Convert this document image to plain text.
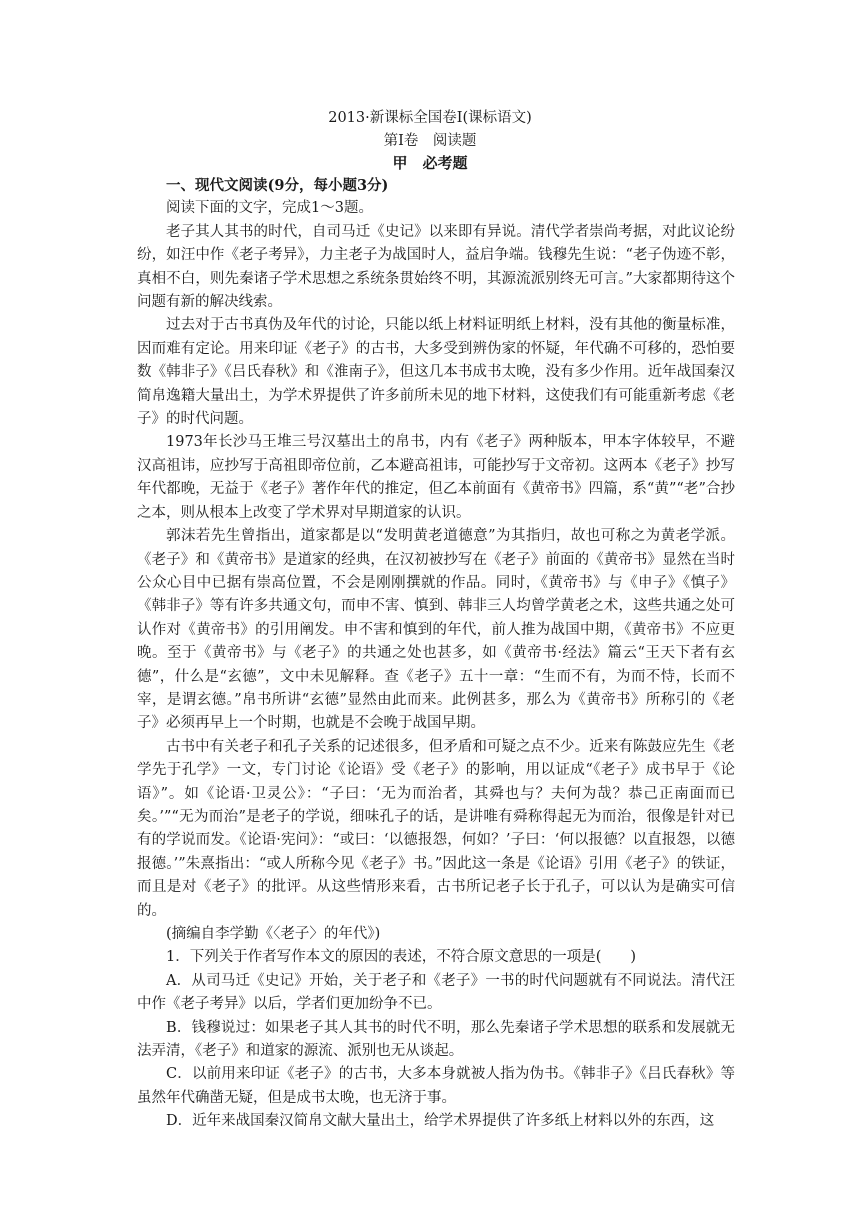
2013·新课标全国卷Ⅰ(课标语文)
第Ⅰ卷　阅读题
甲　必考题

一、现代文阅读(9分，每小题3分)

阅读下面的文字，完成1～3题。

老子其人其书的时代，自司马迁《史记》以来即有异说。清代学者崇尚考据，对此议论纷纷，如汪中作《老子考异》，力主老子为战国时人，益启争端。钱穆先生说：“老子伪迹不彰，真相不白，则先秦诸子学术思想之系统条贯始终不明，其源流派别终无可言。”大家都期待这个问题有新的解决线索。

过去对于古书真伪及年代的讨论，只能以纸上材料证明纸上材料，没有其他的衡量标准，因而难有定论。用来印证《老子》的古书，大多受到辨伪家的怀疑，年代确不可移的，恐怕要数《韩非子》《吕氏春秋》和《淮南子》，但这几本书成书太晚，没有多少作用。近年战国秦汉简帛逸籍大量出土，为学术界提供了许多前所未见的地下材料，这使我们有可能重新考虑《老子》的时代问题。

1973年长沙马王堆三号汉墓出土的帛书，内有《老子》两种版本，甲本字体较早，不避汉高祖讳，应抄写于高祖即帝位前，乙本避高祖讳，可能抄写于文帝初。这两本《老子》抄写年代都晚，无益于《老子》著作年代的推定，但乙本前面有《黄帝书》四篇，系“黄”“老”合抄之本，则从根本上改变了学术界对早期道家的认识。

郭沫若先生曾指出，道家都是以“发明黄老道德意”为其指归，故也可称之为黄老学派。《老子》和《黄帝书》是道家的经典，在汉初被抄写在《老子》前面的《黄帝书》显然在当时公众心目中已据有崇高位置，不会是刚刚撰就的作品。同时，《黄帝书》与《申子》《慎子》《韩非子》等有许多共通文句，而申不害、慎到、韩非三人均曾学黄老之术，这些共通之处可认作对《黄帝书》的引用阐发。申不害和慎到的年代，前人推为战国中期，《黄帝书》不应更晚。至于《黄帝书》与《老子》的共通之处也甚多，如《黄帝书·经法》篇云“王天下者有玄德”，什么是“玄德”，文中未见解释。查《老子》五十一章：“生而不有，为而不恃，长而不宰，是谓玄德。”帛书所讲“玄德”显然由此而来。此例甚多，那么为《黄帝书》所称引的《老子》必须再早上一个时期，也就是不会晚于战国早期。

古书中有关老子和孔子关系的记述很多，但矛盾和可疑之点不少。近来有陈鼓应先生《老学先于孔学》一文，专门讨论《论语》受《老子》的影响，用以证成“《老子》成书早于《论语》”。如《论语·卫灵公》：“子曰：‘无为而治者，其舜也与？夫何为哉？恭己正南面而已矣。’”“无为而治”是老子的学说，细味孔子的话，是讲唯有舜称得起无为而治，很像是针对已有的学说而发。《论语·宪问》：“或曰：‘以德报怨，何如？’子曰：‘何以报德？以直报怨，以德报德。’”朱熹指出：“或人所称今见《老子》书。”因此这一条是《论语》引用《老子》的铁证，而且是对《老子》的批评。从这些情形来看，古书所记老子长于孔子，可以认为是确实可信的。

(摘编自李学勤《〈老子〉的年代》)

1．下列关于作者写作本文的原因的表述，不符合原文意思的一项是(　　)

A．从司马迁《史记》开始，关于老子和《老子》一书的时代问题就有不同说法。清代汪中作《老子考异》以后，学者们更加纷争不已。

B．钱穆说过：如果老子其人其书的时代不明，那么先秦诸子学术思想的联系和发展就无法弄清，《老子》和道家的源流、派别也无从谈起。

C．以前用来印证《老子》的古书，大多本身就被人指为伪书。《韩非子》《吕氏春秋》等虽然年代确凿无疑，但是成书太晚，也无济于事。

D．近年来战国秦汉简帛文献大量出土，给学术界提供了许多纸上材料以外的东西，这
